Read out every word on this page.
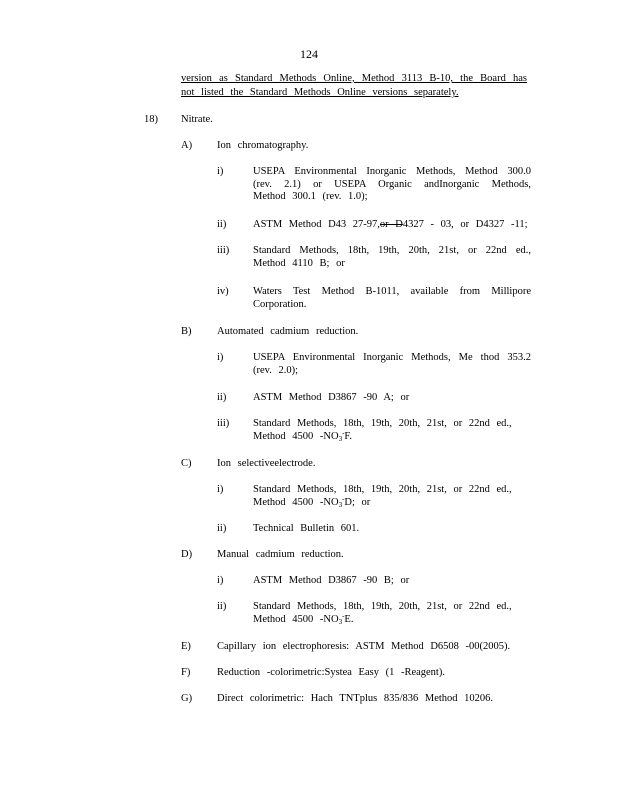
124
version as Standard Methods Online, Method 3113 B-10, the Board has
not listed the Standard Methods Online versions separately.
18) Nitrate.
A) Ion chromatography.
i)	USEPA Environmental Inorganic Methods, Method 300.0 (rev. 2.1) or USEPA Organic andInorganic Methods, Method 300.1 (rev. 1.0);
ii)	ASTM Method D43 27-97,or D4327 - 03, or D4327 -11;
iii) Standard Methods, 18th, 19th, 20th, 21st, or 22nd ed., Method 4110 B; or
iv) Waters Test Method B-1011, available from Millipore Corporation.
B) Automated cadmium reduction.
i)	USEPA Environmental Inorganic Methods, Me thod 353.2 (rev. 2.0);
ii)	ASTM Method D3867 -90 A; or
iii) Standard Methods, 18th, 19th, 20th, 21st, or 22nd ed.,
Method 4500 $-NO_3^-F$.
C) Ion selectiveelectrode.
i)	Standard Methods, 18th, 19th, 20th, 21st, or 22nd ed.,
Method 4500 $-NO_3^-D$; or
ii)	Technical Bulletin 601.
D) Manual cadmium reduction.
i)	ASTM Method D3867 -90 B; or
ii)	Standard Methods, 18th, 19th, 20th, 21st, or 22nd ed.,
Method 4500 $-NO_3^-E$.
E) Capillary ion electrophoresis: ASTM Method D6508 -00(2005).
F)	Reduction -colorimetric:Systea Easy (1 -Reagent).
G) Direct colorimetric: Hach TNTplus 835/836 Method 10206.
